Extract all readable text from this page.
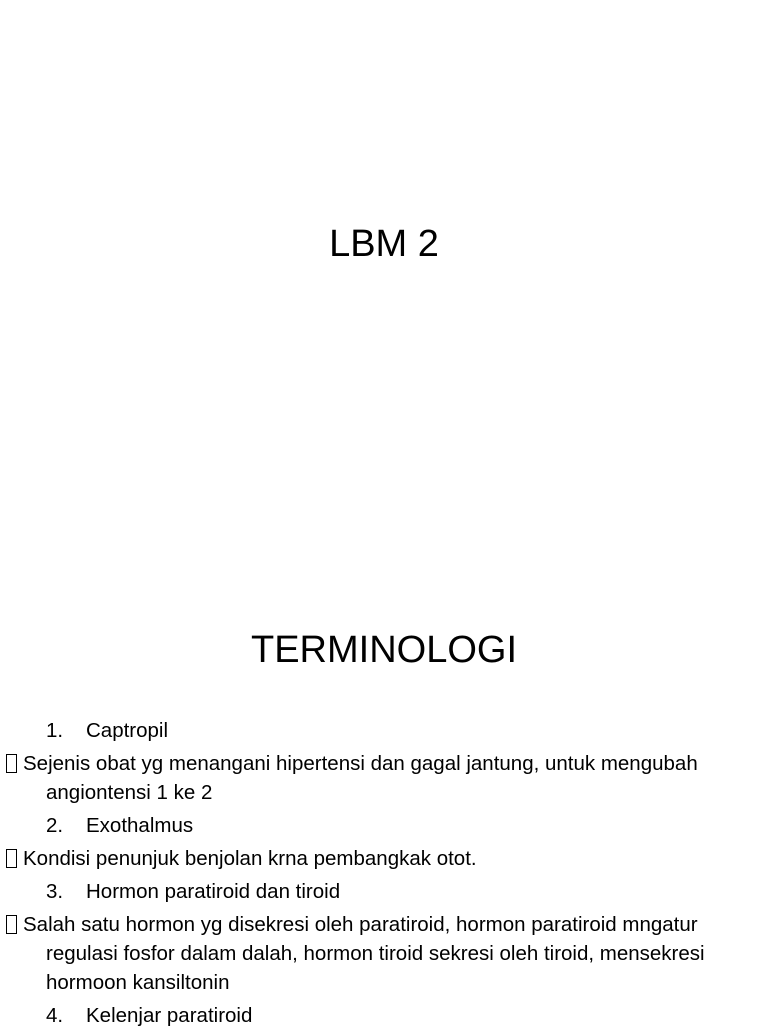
LBM 2
TERMINOLOGI
1.	Captropil
Sejenis obat yg menangani hipertensi dan gagal jantung, untuk mengubah angiontensi 1 ke 2
2.	Exothalmus
Kondisi penunjuk benjolan krna pembangkak otot.
3.	Hormon paratiroid dan tiroid
Salah satu hormon yg disekresi oleh paratiroid, hormon paratiroid mngatur regulasi fosfor dalam dalah, hormon tiroid sekresi oleh tiroid, mensekresi hormoon kansiltonin
4.	Kelenjar paratiroid
